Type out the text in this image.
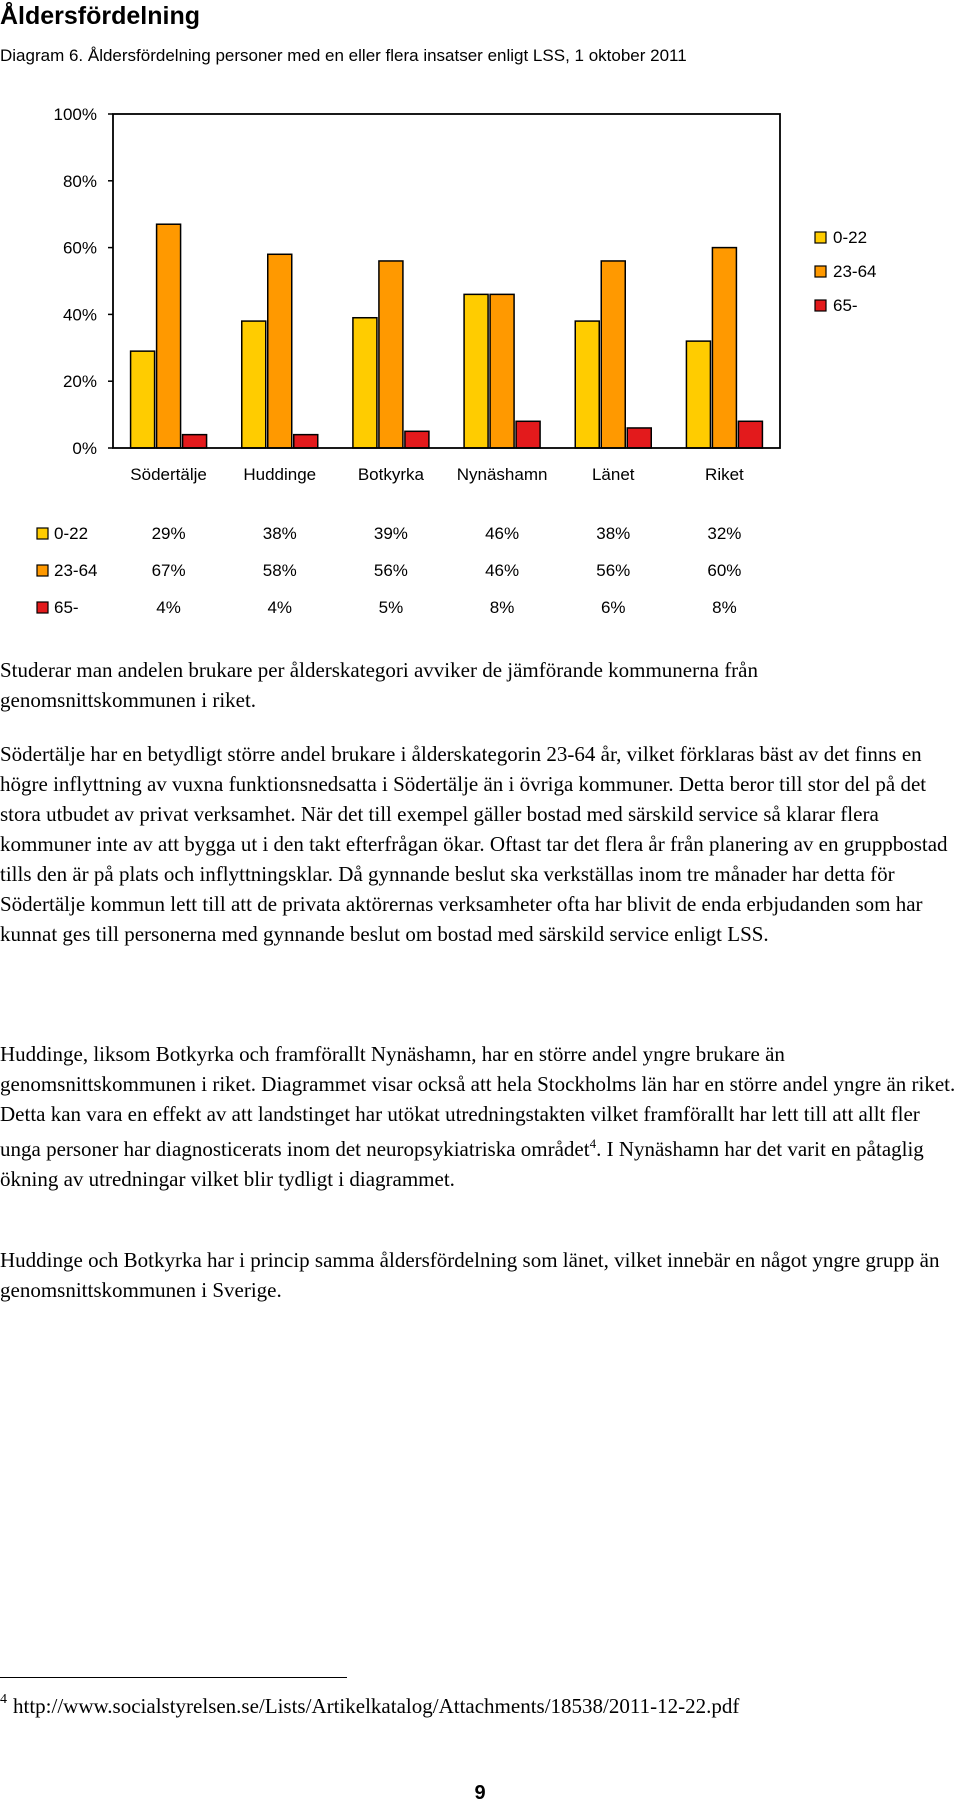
Åldersfördelning
Diagram 6. Åldersfördelning personer med en eller flera insatser enligt LSS, 1 oktober 2011
0%
20%
40%
60%
80%
100%
Södertälje Huddinge Botkyrka Nynäshamn	Länet	Riket
0-22
23-64
65-
0-22	29%	38%	39%	46%	38%	32%
23-64	67%	58%	56%	46%	56%	60%
65-	4%	4%	5%	8%	6%	8%

Studerar man andelen brukare per ålderskategori avviker de jämförande kommunerna från genomsnittskommunen i riket.

Södertälje har en betydligt större andel brukare i ålderskategorin 23-64 år, vilket förklaras bäst av det finns en högre inflyttning av vuxna funktionsnedsatta i Södertälje än i övriga kommuner. Detta beror till stor del på det stora utbudet av privat verksamhet. När det till exempel gäller bostad med särskild service så klarar flera kommuner inte av att bygga ut i den takt efterfrågan ökar. Oftast tar det flera år från planering av en gruppbostad tills den är på plats och inflyttningsklar. Då gynnande beslut ska verkställas inom tre månader har detta för Södertälje kommun lett till att de privata aktörernas verksamheter ofta har blivit de enda erbjudanden som har kunnat ges till personerna med gynnande beslut om bostad med särskild service enligt LSS.

Huddinge, liksom Botkyrka och framförallt Nynäshamn, har en större andel yngre brukare än genomsnittskommunen i riket. Diagrammet visar också att hela Stockholms län har en större andel yngre än riket. Detta kan vara en effekt av att landstinget har utökat utredningstakten vilket framförallt har lett till att allt fler unga personer har diagnosticerats inom det neuropsykiatriska området$^4$. I Nynäshamn har det varit en påtaglig ökning av utredningar vilket blir tydligt i diagrammet.

Huddinge och Botkyrka har i princip samma åldersfördelning som länet, vilket innebär en något yngre grupp än genomsnittskommunen i Sverige.

$^4$ http://www.socialstyrelsen.se/Lists/Artikelkatalog/Attachments/18538/2011-12-22.pdf
9
